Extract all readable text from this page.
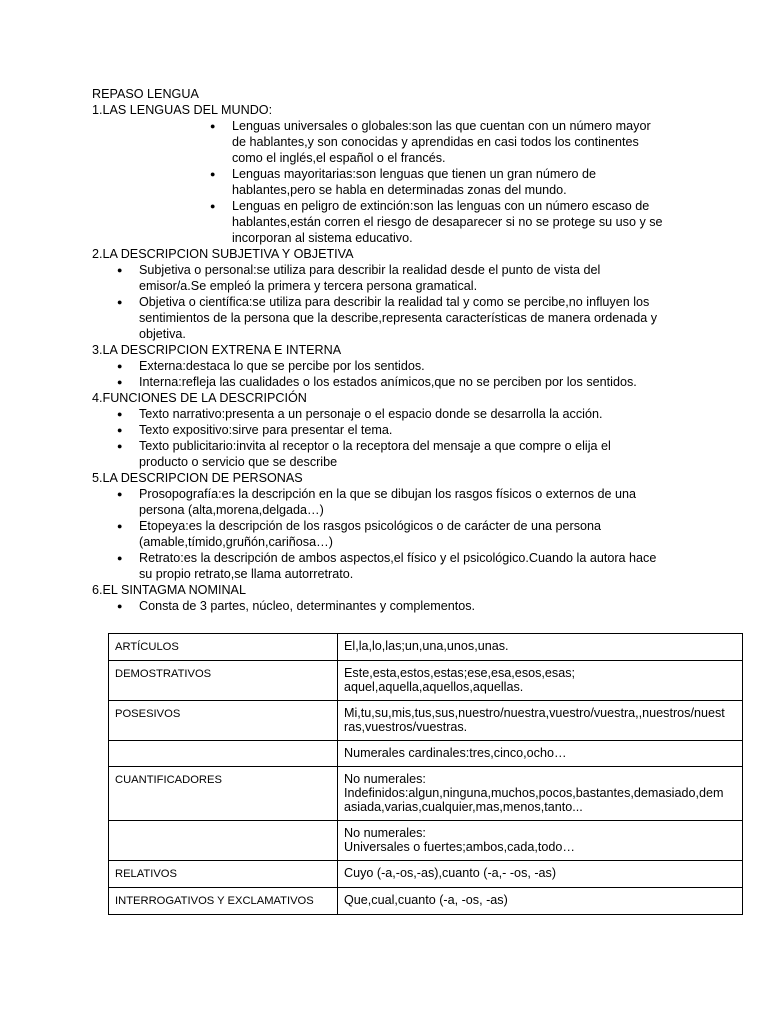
REPASO LENGUA
1.LAS LENGUAS DEL MUNDO:
● Lenguas universales o globales:son las que cuentan con un número mayor
de hablantes,y son conocidas y aprendidas en casi todos los continentes
como el inglés,el español o el francés.
● Lenguas mayoritarias:son lenguas que tienen un gran número de
hablantes,pero se habla en determinadas zonas del mundo.
● Lenguas en peligro de extinción:son las lenguas con un número escaso de
hablantes,están corren el riesgo de desaparecer si no se protege su uso y se
incorporan al sistema educativo.
2.LA DESCRIPCION SUBJETIVA Y OBJETIVA
● Subjetiva o personal:se utiliza para describir la realidad desde el punto de vista del
emisor/a.Se empleó la primera y tercera persona gramatical.
● Objetiva o científica:se utiliza para describir la realidad tal y como se percibe,no influyen los
sentimientos de la persona que la describe,representa características de manera ordenada y
objetiva.
3.LA DESCRIPCION EXTRENA E INTERNA
● Externa:destaca lo que se percibe por los sentidos.
● Interna:refleja las cualidades o los estados anímicos,que no se perciben por los sentidos.
4.FUNCIONES DE LA DESCRIPCIÓN
● Texto narrativo:presenta a un personaje o el espacio donde se desarrolla la acción.
● Texto expositivo:sirve para presentar el tema.
● Texto publicitario:invita al receptor o la receptora del mensaje a que compre o elija el
producto o servicio que se describe
5.LA DESCRIPCION DE PERSONAS
● Prosopografía:es la descripción en la que se dibujan los rasgos físicos o externos de una
persona (alta,morena,delgada…)
● Etopeya:es la descripción de los rasgos psicológicos o de carácter de una persona
(amable,tímido,gruñón,cariñosa…)
● Retrato:es la descripción de ambos aspectos,el físico y el psicológico.Cuando la autora hace
su propio retrato,se llama autorretrato.
6.EL SINTAGMA NOMINAL
● Consta de 3 partes, núcleo, determinantes y complementos.
ARTÍCULOS	El,la,lo,las;un,una,unos,unas.

DEMOSTRATIVOS	Este,esta,estos,estas;ese,esa,esos,esas;
aquel,aquella,aquellos,aquellas.

POSESIVOS	Mi,tu,su,mis,tus,sus,nuestro/nuestra,vuestro/vuestra,,nuestros/nuest
ras,vuestros/vuestras.

	Numerales cardinales:tres,cinco,ocho…

CUANTIFICADORES	No numerales:
Indefinidos:algun,ninguna,muchos,pocos,bastantes,demasiado,dem
asiada,varias,cualquier,mas,menos,tanto...

	No numerales:
Universales o fuertes;ambos,cada,todo…

RELATIVOS	Cuyo (-a,-os,-as),cuanto (-a,- -os, -as)

INTERROGATIVOS Y EXCLAMATIVOS	Que,cual,cuanto (-a, -os, -as)
